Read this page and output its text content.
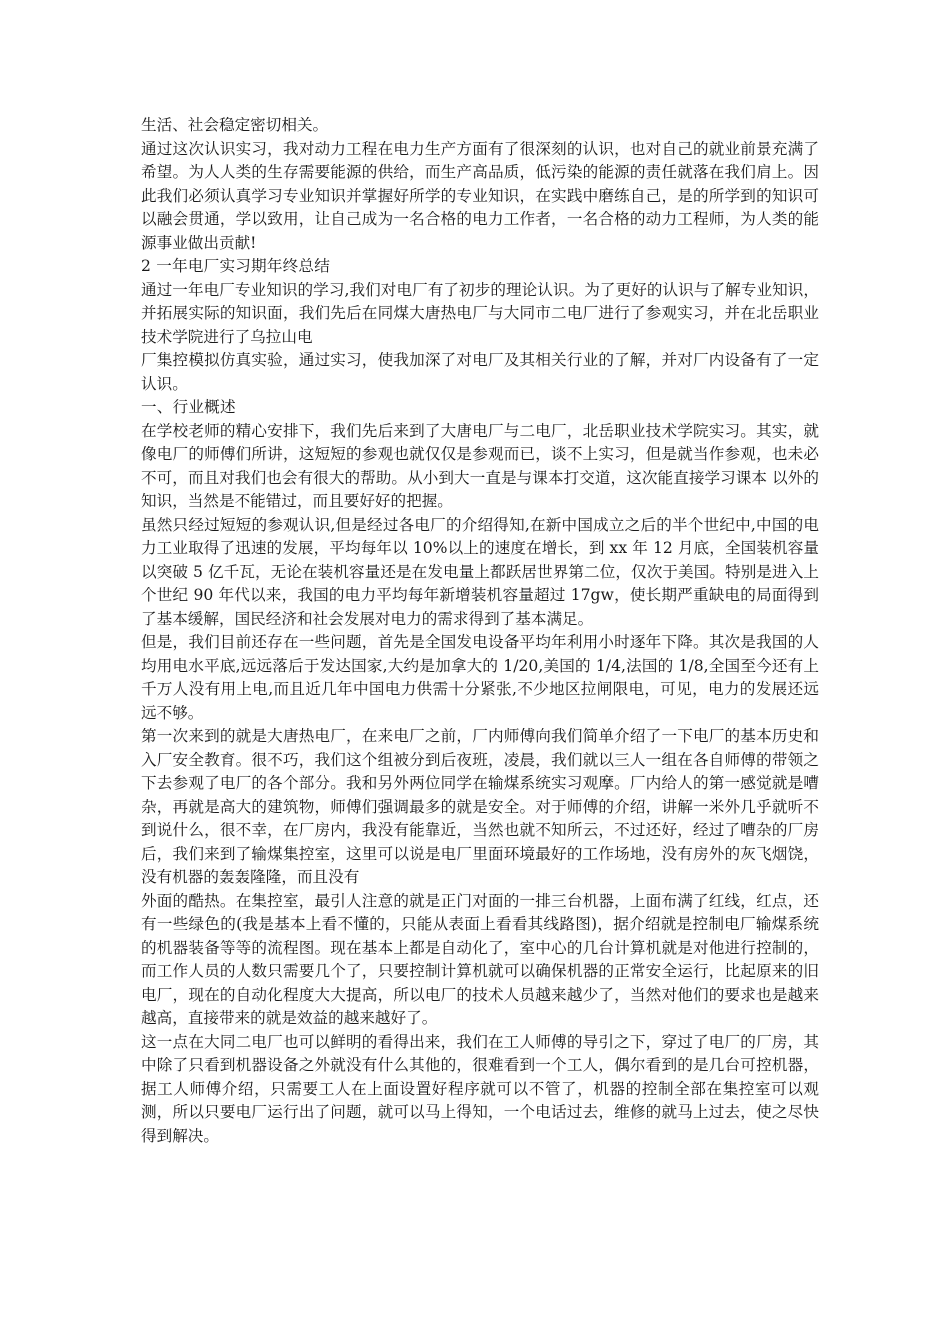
生活、社会稳定密切相关。

通过这次认识实习，我对动力工程在电力生产方面有了很深刻的认识，也对自己的就业前景充满了希望。为人人类的生存需要能源的供给，而生产高品质，低污染的能源的责任就落在我们肩上。因此我们必须认真学习专业知识并掌握好所学的专业知识，在实践中磨练自己，是的所学到的知识可以融会贯通，学以致用，让自己成为一名合格的电力工作者，一名合格的动力工程师，为人类的能源事业做出贡献!

2 一年电厂实习期年终总结

通过一年电厂专业知识的学习,我们对电厂有了初步的理论认识。为了更好的认识与了解专业知识，并拓展实际的知识面，我们先后在同煤大唐热电厂与大同市二电厂进行了参观实习，并在北岳职业技术学院进行了乌拉山电

厂集控模拟仿真实验，通过实习，使我加深了对电厂及其相关行业的了解，并对厂内设备有了一定认识。

一、行业概述

在学校老师的精心安排下，我们先后来到了大唐电厂与二电厂，北岳职业技术学院实习。其实，就像电厂的师傅们所讲，这短短的参观也就仅仅是参观而已，谈不上实习，但是就当作参观，也未必不可，而且对我们也会有很大的帮助。从小到大一直是与课本打交道，这次能直接学习课本 以外的知识，当然是不能错过，而且要好好的把握。

虽然只经过短短的参观认识,但是经过各电厂的介绍得知,在新中国成立之后的半个世纪中,中国的电力工业取得了迅速的发展，平均每年以 10%以上的速度在增长，到 xx 年 12 月底，全国装机容量以突破 5 亿千瓦，无论在装机容量还是在发电量上都跃居世界第二位，仅次于美国。特别是进入上个世纪 90 年代以来，我国的电力平均每年新增装机容量超过 17gw，使长期严重缺电的局面得到了基本缓解，国民经济和社会发展对电力的需求得到了基本满足。

但是，我们目前还存在一些问题，首先是全国发电设备平均年利用小时逐年下降。其次是我国的人均用电水平底,远远落后于发达国家,大约是加拿大的 1/20,美国的 1/4,法国的 1/8,全国至今还有上千万人没有用上电,而且近几年中国电力供需十分紧张,不少地区拉闸限电，可见，电力的发展还远远不够。

第一次来到的就是大唐热电厂，在来电厂之前，厂内师傅向我们简单介绍了一下电厂的基本历史和入厂安全教育。很不巧，我们这个组被分到后夜班，凌晨，我们就以三人一组在各自师傅的带领之下去参观了电厂的各个部分。我和另外两位同学在输煤系统实习观摩。厂内给人的第一感觉就是嘈杂，再就是高大的建筑物，师傅们强调最多的就是安全。对于师傅的介绍，讲解一米外几乎就听不到说什么，很不幸，在厂房内，我没有能靠近，当然也就不知所云，不过还好，经过了嘈杂的厂房后，我们来到了输煤集控室，这里可以说是电厂里面环境最好的工作场地，没有房外的灰飞烟饶，没有机器的轰轰隆隆，而且没有

外面的酷热。在集控室，最引人注意的就是正门对面的一排三台机器，上面布满了红线，红点，还有一些绿色的(我是基本上看不懂的，只能从表面上看看其线路图)，据介绍就是控制电厂输煤系统的机器装备等等的流程图。现在基本上都是自动化了，室中心的几台计算机就是对他进行控制的，而工作人员的人数只需要几个了，只要控制计算机就可以确保机器的正常安全运行，比起原来的旧电厂，现在的自动化程度大大提高，所以电厂的技术人员越来越少了，当然对他们的要求也是越来越高，直接带来的就是效益的越来越好了。

这一点在大同二电厂也可以鲜明的看得出来，我们在工人师傅的导引之下，穿过了电厂的厂房，其中除了只看到机器设备之外就没有什么其他的，很难看到一个工人，偶尔看到的是几台可控机器，据工人师傅介绍，只需要工人在上面设置好程序就可以不管了，机器的控制全部在集控室可以观测，所以只要电厂运行出了问题，就可以马上得知，一个电话过去，维修的就马上过去，使之尽快得到解决。
